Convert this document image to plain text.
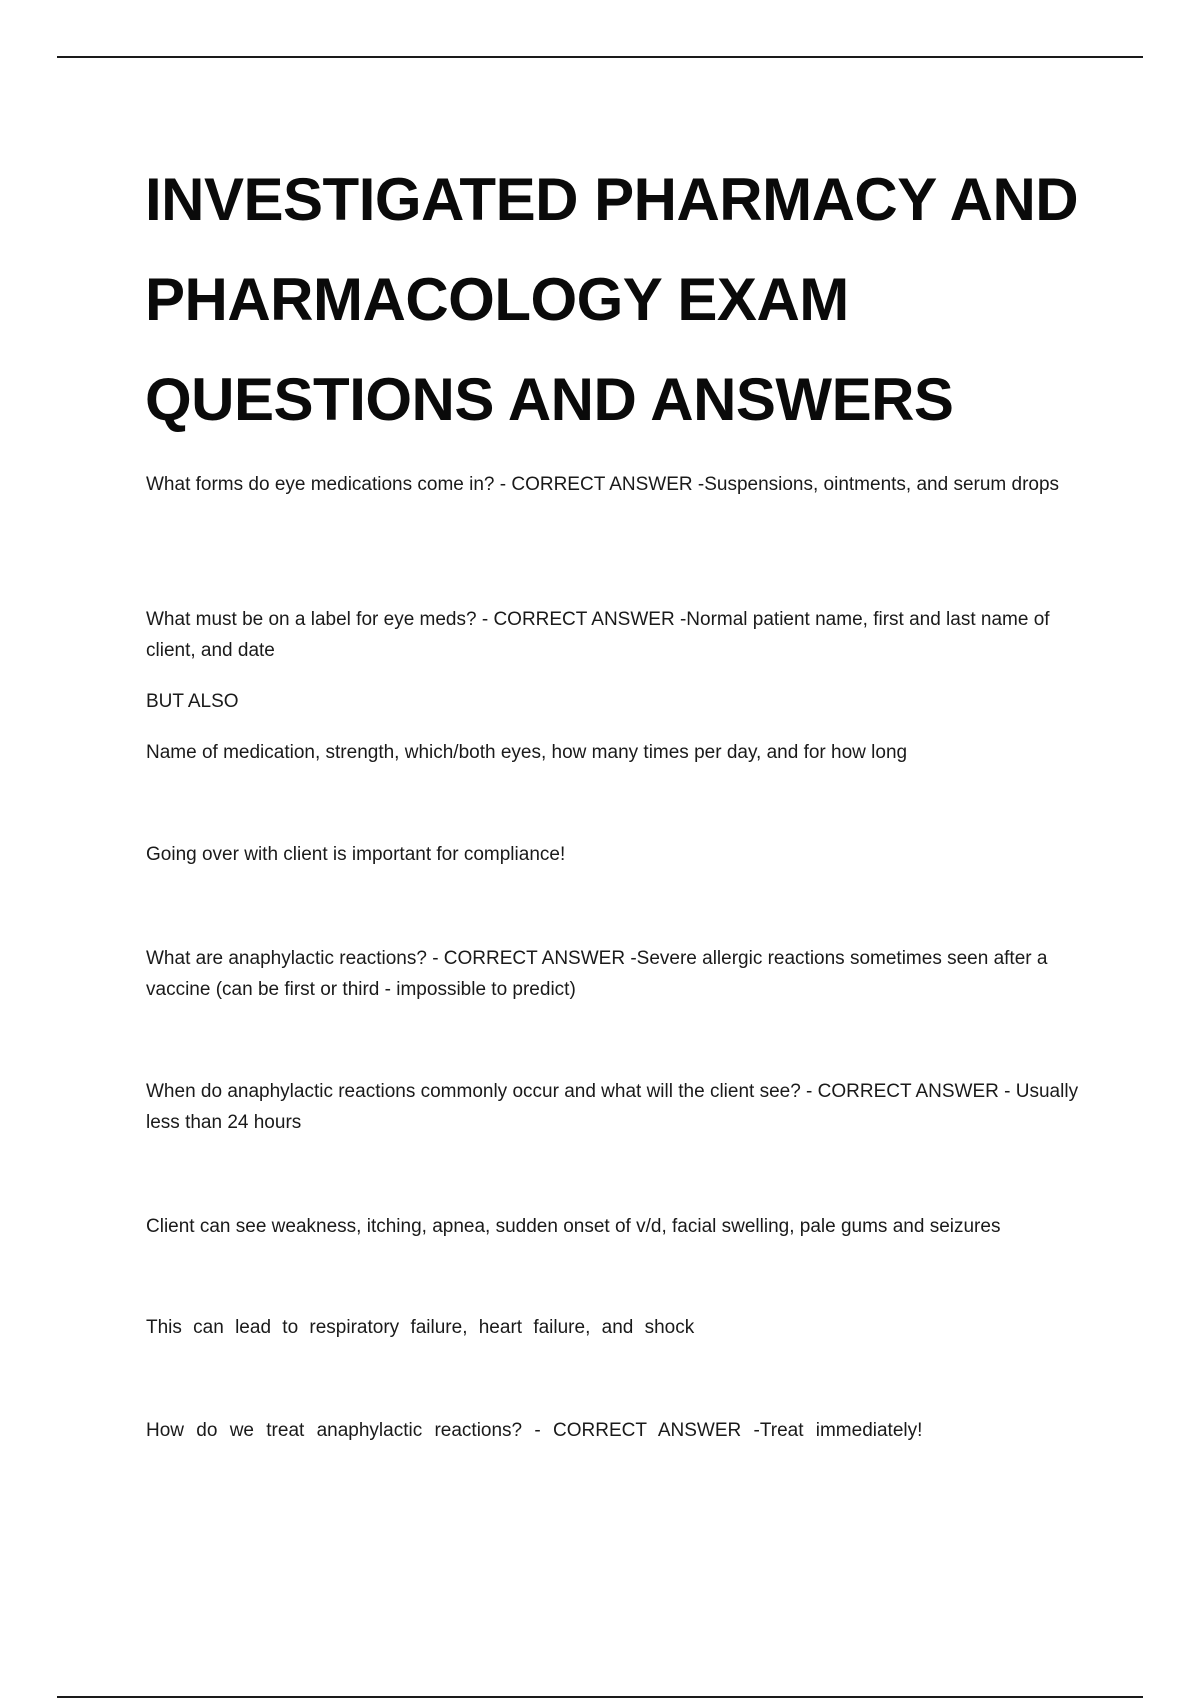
INVESTIGATED PHARMACY AND PHARMACOLOGY EXAM QUESTIONS AND ANSWERS

What forms do eye medications come in? - CORRECT ANSWER -Suspensions, ointments, and serum drops

What must be on a label for eye meds? - CORRECT ANSWER -Normal patient name, first and last name of client, and date

BUT ALSO

Name of medication, strength, which/both eyes, how many times per day, and for how long

Going over with client is important for compliance!

What are anaphylactic reactions? - CORRECT ANSWER -Severe allergic reactions sometimes seen after a vaccine (can be first or third - impossible to predict)

When do anaphylactic reactions commonly occur and what will the client see? - CORRECT ANSWER - Usually less than 24 hours

Client can see weakness, itching, apnea, sudden onset of v/d, facial swelling, pale gums and seizures

This can lead to respiratory failure, heart failure, and shock

How do we treat anaphylactic reactions? - CORRECT ANSWER -Treat immediately!
